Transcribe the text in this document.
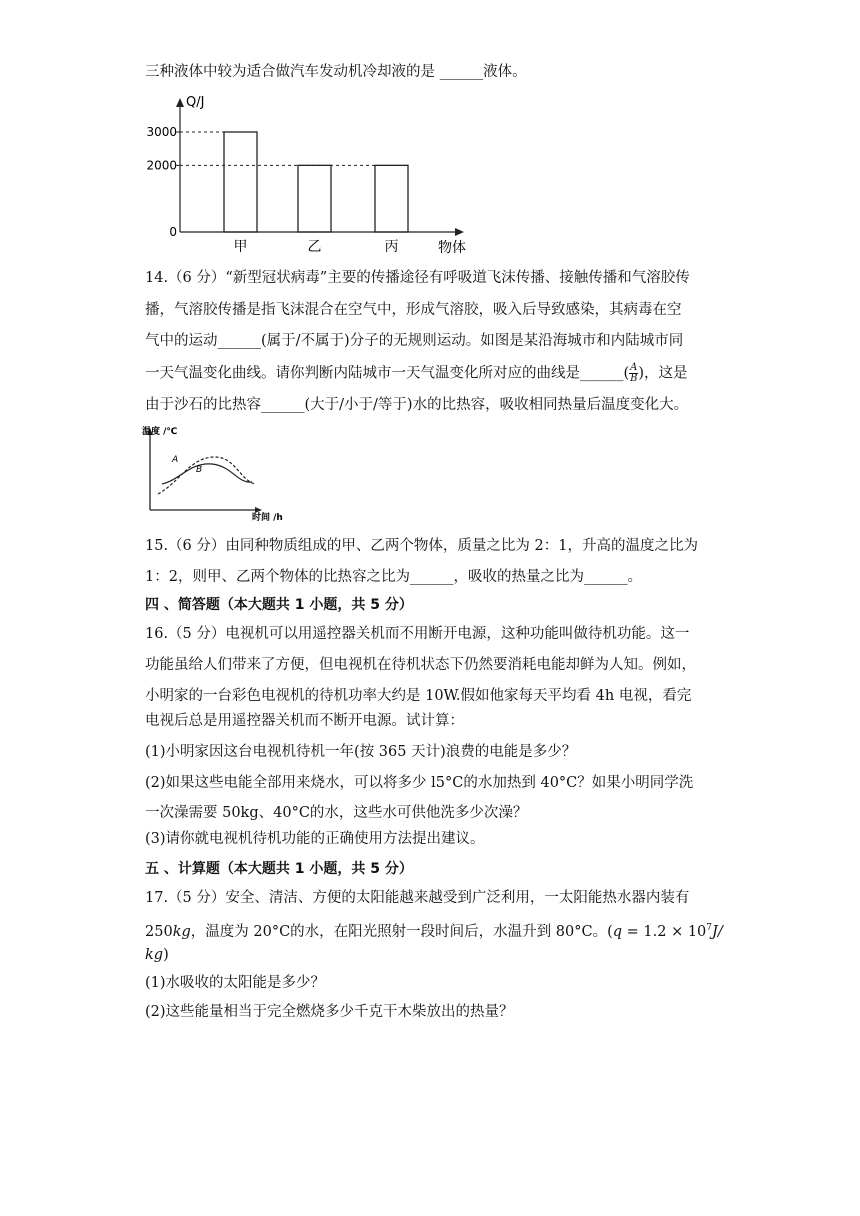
三种液体中较为适合做汽车发动机冷却液的是 ______液体。
Q/J
物体
3000
2000
0
甲	乙	丙
14.（6 分）“新型冠状病毒”主要的传播途径有呼吸道飞沫传播、接触传播和气溶胶传
播，气溶胶传播是指飞沫混合在空气中，形成气溶胶，吸入后导致感染，其病毒在空
气中的运动______(属于/不属于)分子的无规则运动。如图是某沿海城市和内陆城市同
一天气温变化曲线。请你判断内陆城市一天气温变化所对应的曲线是______( $\frac{A}{B}$ )，这是
由于沙石的比热容______(大于/小于/等于)水的比热容，吸收相同热量后温度变化大。
温度 /℃
时间 /h
A
B
15.（6 分）由同种物质组成的甲、乙两个物体，质量之比为 2：1，升高的温度之比为
1：2，则甲、乙两个物体的比热容之比为______，吸收的热量之比为______。
四 、简答题（本大题共 1 小题，共 5 分）
16.（5 分）电视机可以用遥控器关机而不用断开电源，这种功能叫做待机功能。这一
功能虽给人们带来了方便，但电视机在待机状态下仍然要消耗电能却鲜为人知。例如，
小明家的一台彩色电视机的待机功率大约是 10W.假如他家每天平均看 4h 电视，看完
电视后总是用遥控器关机而不断开电源。试计算：
(1)小明家因这台电视机待机一年(按 365 天计)浪费的电能是多少？
(2)如果这些电能全部用来烧水，可以将多少 l5°C的水加热到 40°C？如果小明同学洗
一次澡需要 50kg、40°C的水，这些水可供他洗多少次澡？
(3)请你就电视机待机功能的正确使用方法提出建议。
五 、计算题（本大题共 1 小题，共 5 分）
17.（5 分）安全、清洁、方便的太阳能越来越受到广泛利用，一太阳能热水器内装有
250kg，温度为 20°C的水，在阳光照射一段时间后，水温升到 80°C。($q = 1.2 \times 10^7J/$
kg)
(1)水吸收的太阳能是多少？
(2)这些能量相当于完全燃烧多少千克干木柴放出的热量？
